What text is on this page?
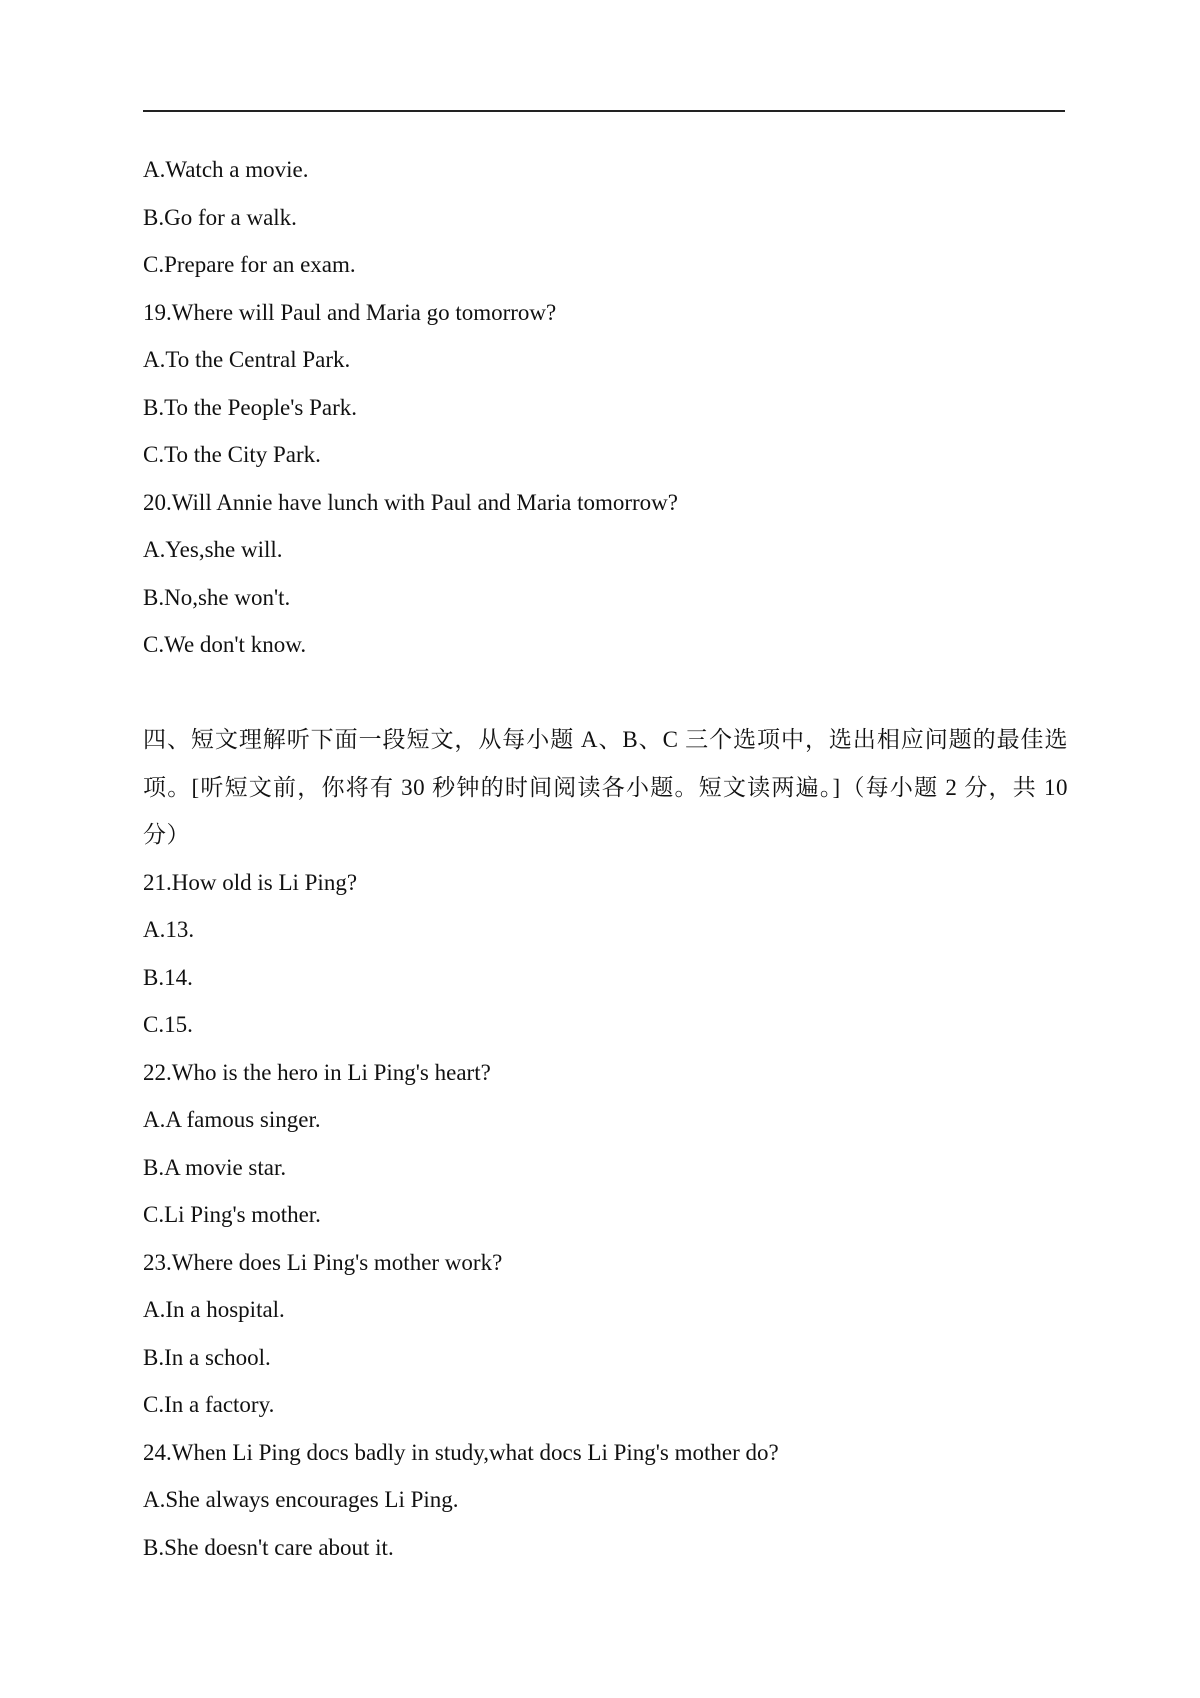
A.Watch a movie.
B.Go for a walk.
C.Prepare for an exam.
19.Where will Paul and Maria go tomorrow?
A.To the Central Park.
B.To the People's Park.
C.To the City Park.
20.Will Annie have lunch with Paul and Maria tomorrow?
A.Yes,she will.
B.No,she won't.
C.We don't know.
四、短文理解听下面一段短文，从每小题 A、B、C 三个选项中，选出相应问题的最佳选项。[听短文前，你将有 30 秒钟的时间阅读各小题。短文读两遍。]（每小题 2 分，共 10 分）
21.How old is Li Ping?
A.13.
B.14.
C.15.
22.Who is the hero in Li Ping's heart?
A.A famous singer.
B.A movie star.
C.Li Ping's mother.
23.Where does Li Ping's mother work?
A.In a hospital.
B.In a school.
C.In a factory.
24.When Li Ping docs badly in study,what docs Li Ping's mother do?
A.She always encourages Li Ping.
B.She doesn't care about it.
